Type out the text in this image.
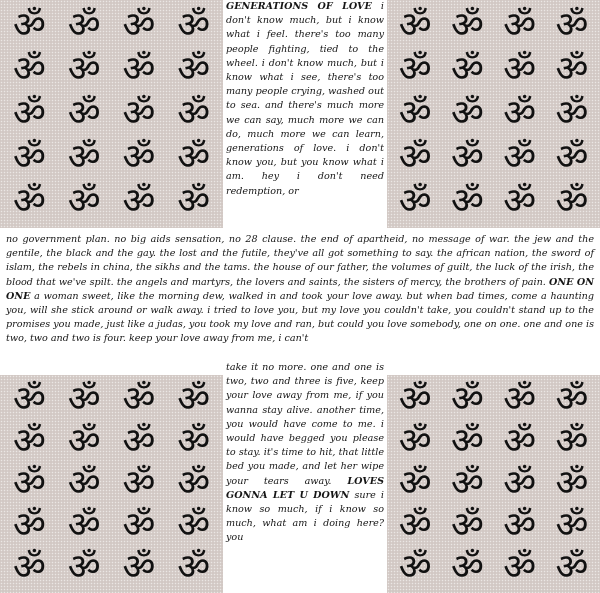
ॐ ॐ ॐ ॐ
ॐ ॐ ॐ ॐ
ॐ ॐ ॐ ॐ
ॐ ॐ ॐ ॐ
ॐ ॐ ॐ ॐ
ॐ ॐ ॐ ॐ
ॐ ॐ ॐ ॐ
ॐ ॐ ॐ ॐ
ॐ ॐ ॐ ॐ
ॐ ॐ ॐ ॐ
ॐ ॐ ॐ ॐ
ॐ ॐ ॐ ॐ
ॐ ॐ ॐ ॐ
ॐ ॐ ॐ ॐ
ॐ ॐ ॐ ॐ
ॐ ॐ ॐ ॐ
ॐ ॐ ॐ ॐ
ॐ ॐ ॐ ॐ
ॐ ॐ ॐ ॐ
ॐ ॐ ॐ ॐ
GENERATIONS OF LOVE i don't know much, but i know what i feel. there's too many people fighting, tied to the wheel. i don't know much, but i know what i see, there's too many people crying, washed out to sea. and there's much more we can say, much more we can do, much more we can learn, generations of love. i don't know you, but you know what i am. hey i don't need redemption, or
no government plan. no big aids sensation, no 28 clause. the end of apartheid, no message of war. the jew and the gentile, the black and the gay. the lost and the futile, they've all got something to say. the african nation, the sword of islam, the rebels in china, the sikhs and the tams. the house of our father, the volumes of guilt, the luck of the irish, the blood that we've spilt. the angels and martyrs, the lovers and saints, the sisters of mercy, the brothers of pain. ONE ON ONE a woman sweet, like the morning dew, walked in and took your love away. but when bad times, come a haunting you, will she stick around or walk away. i tried to love you, but my love you couldn't take, you couldn't stand up to the promises you made, just like a judas, you took my love and ran, but could you love somebody, one on one. one and one is two, two and two is four. keep your love away from me, i can't
take it no more. one and one is two, two and three is five, keep your love away from me, if you wanna stay alive. another time, you would have come to me. i would have begged you please to stay. it's time to hit, that little bed you made, and let her wipe your tears away. LOVES GONNA LET U DOWN sure i know so much, if i know so much, what am i doing here? you
